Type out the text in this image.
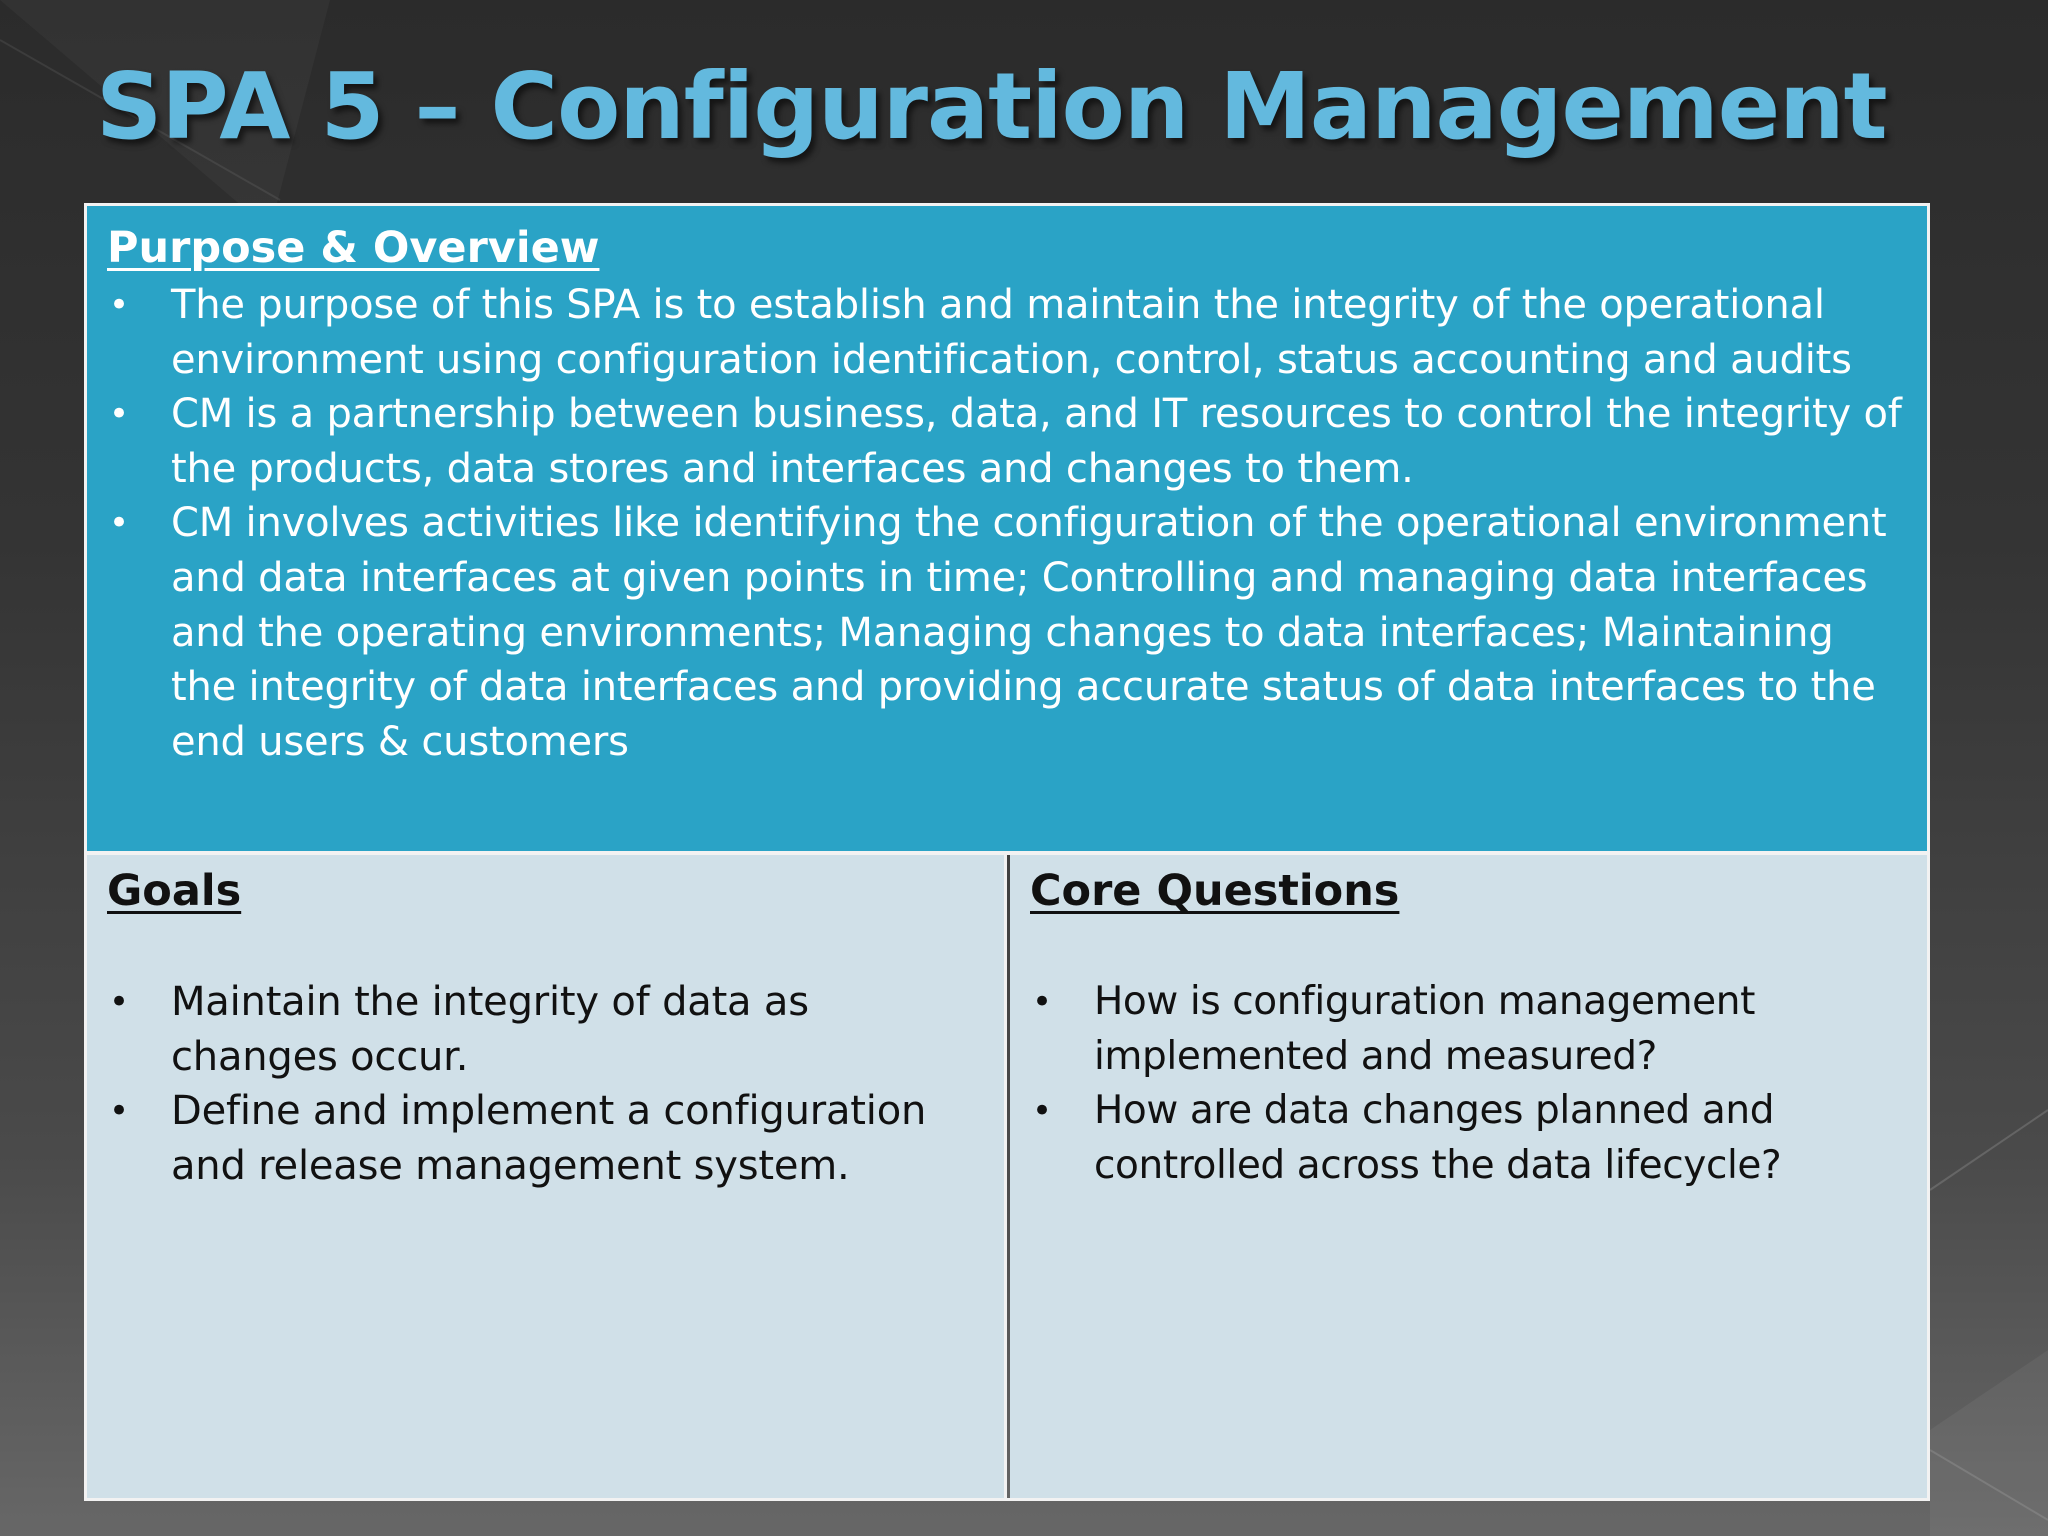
SPA 5 – Configuration Management
Purpose & Overview
• The purpose of this SPA is to establish and maintain the integrity of the operational environment using configuration identification, control, status accounting and audits
• CM is a partnership between business, data, and IT resources to control the integrity of the products, data stores and interfaces and changes to them.
• CM involves activities like identifying the configuration of the operational environment and data interfaces at given points in time; Controlling and managing data interfaces and the operating environments; Managing changes to data interfaces; Maintaining the integrity of data interfaces and providing accurate status of data interfaces to the end users & customers
Goals
• Maintain the integrity of data as changes occur.
• Define and implement a configuration and release management system.
Core Questions
• How is configuration management implemented and measured?
• How are data changes planned and controlled across the data lifecycle?
